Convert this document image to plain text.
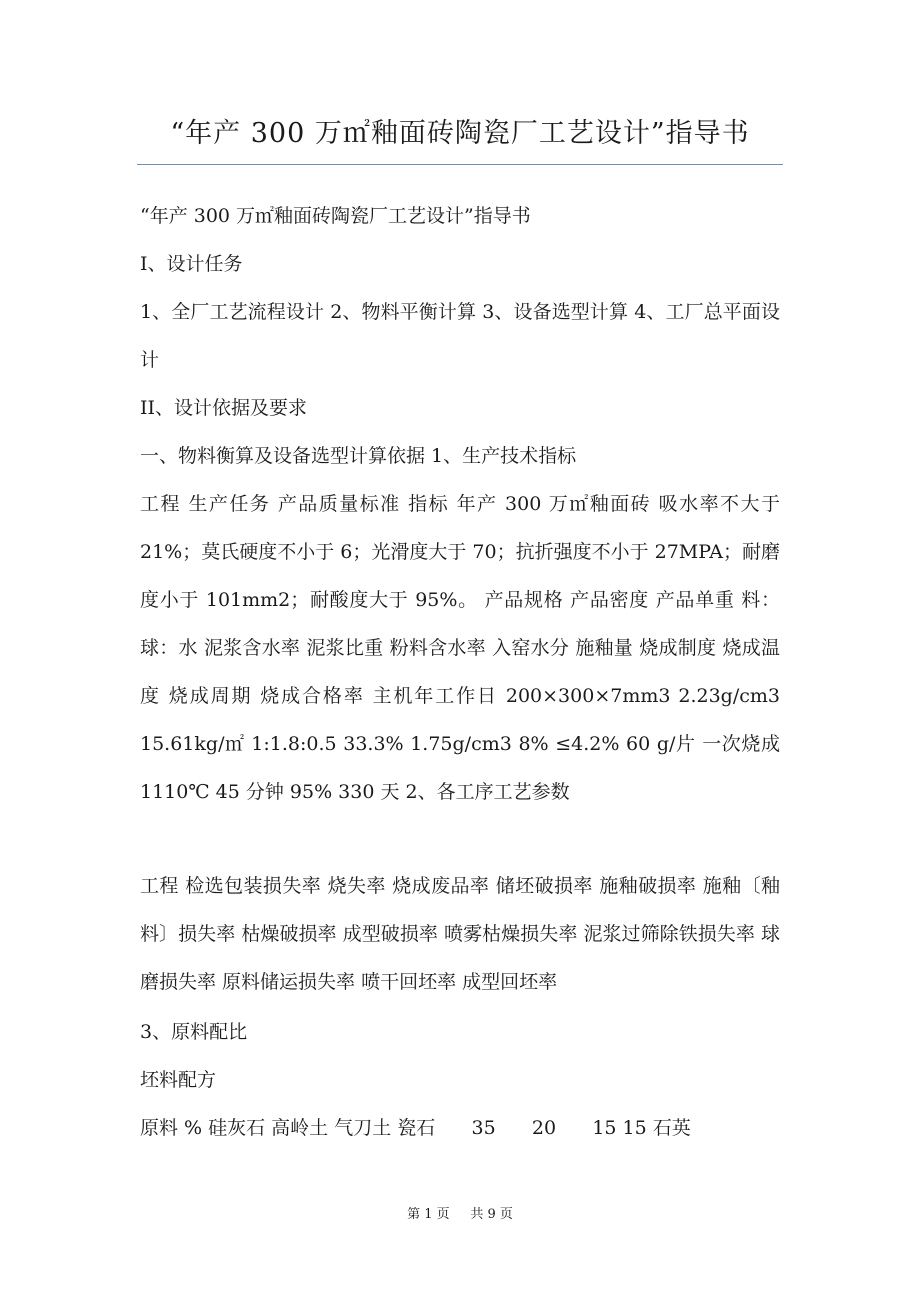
“年产 300 万㎡釉面砖陶瓷厂工艺设计”指导书

“年产 300 万㎡釉面砖陶瓷厂工艺设计”指导书

I、设计任务

1、全厂工艺流程设计 2、物料平衡计算 3、设备选型计算 4、工厂总平面设计

II、设计依据及要求

一、物料衡算及设备选型计算依据 1、生产技术指标

工程 生产任务 产品质量标准 指标 年产 300 万㎡釉面砖 吸水率不大于 21%；莫氏硬度不小于 6；光滑度大于 70；抗折强度不小于 27MPA；耐磨度小于 101mm2；耐酸度大于 95%。 产品规格 产品密度 产品单重 料：球：水 泥浆含水率 泥浆比重 粉料含水率 入窑水分 施釉量 烧成制度 烧成温度 烧成周期 烧成合格率 主机年工作日 200×300×7mm3 2.23g/cm3 15.61kg/㎡ 1:1.8:0.5 33.3% 1.75g/cm3 8% ≤4.2% 60 g/片 一次烧成 1110℃ 45 分钟 95% 330 天 2、各工序工艺参数

工程 检选包装损失率 烧失率 烧成废品率 储坯破损率 施釉破损率 施釉〔釉料〕损失率 枯燥破损率 成型破损率 喷雾枯燥损失率 泥浆过筛除铁损失率 球磨损失率 原料储运损失率 喷干回坯率 成型回坯率

3、原料配比

坯料配方

原料 % 硅灰石 高岭土 气刀土 瓷石      35      20      15 15 石英

第 1 页 共 9 页
